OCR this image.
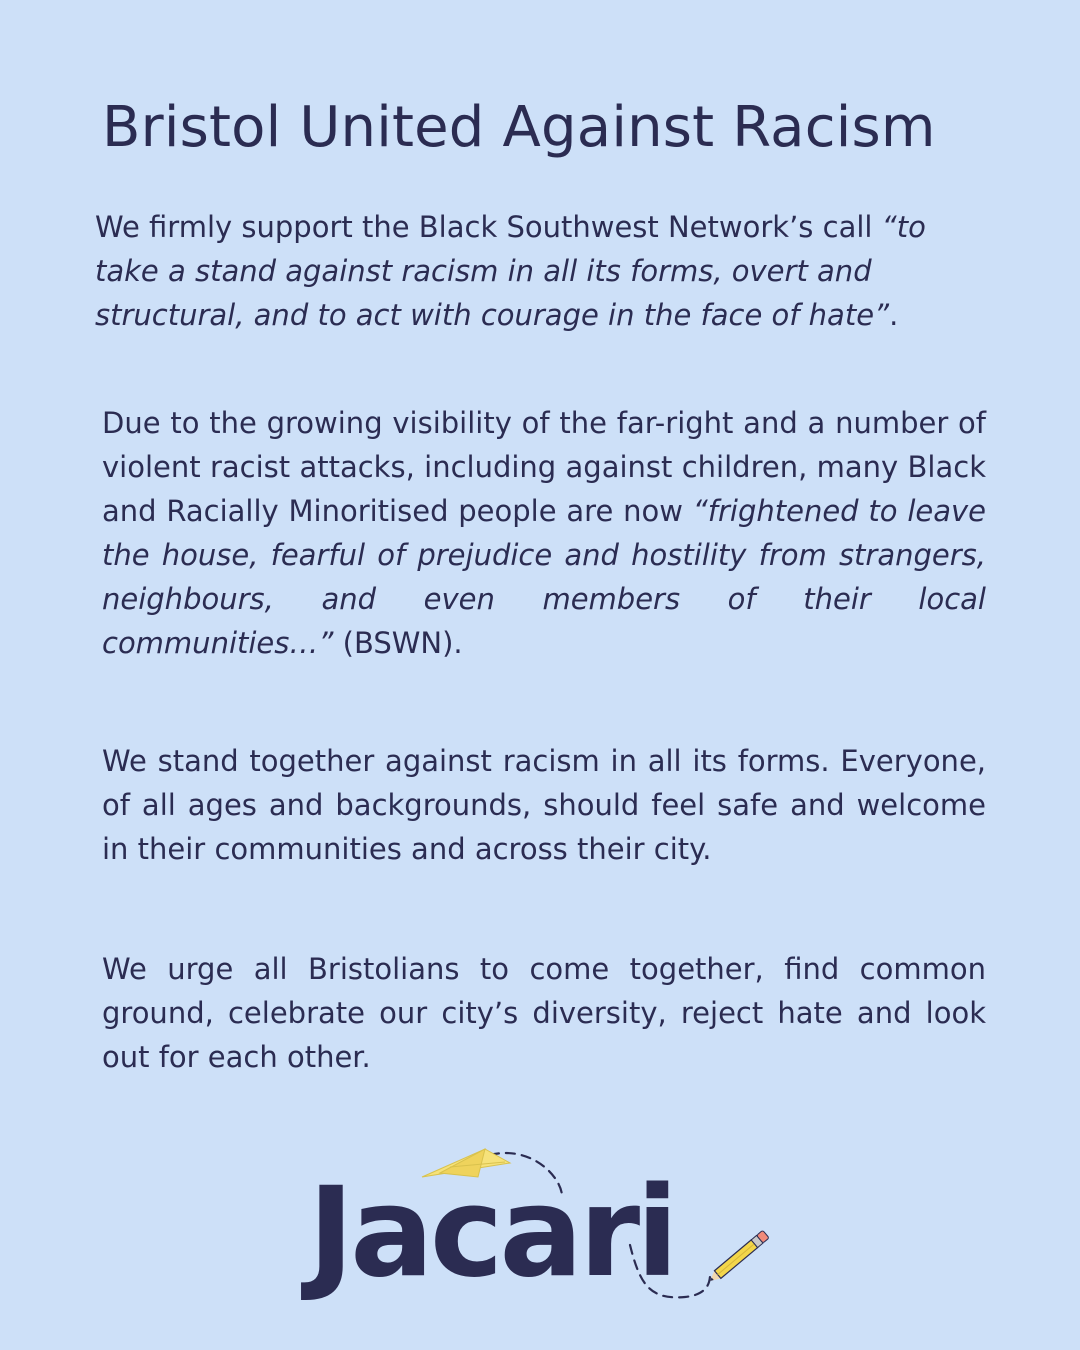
Bristol United Against Racism

We firmly support the Black Southwest Network’s call “to take a stand against racism in all its forms, overt and structural, and to act with courage in the face of hate”.

Due to the growing visibility of the far-right and a number of violent racist attacks, including against children, many Black and Racially Minoritised people are now “frightened to leave the house, fearful of prejudice and hostility from strangers, neighbours, and even members of their local communities…” (BSWN).

We stand together against racism in all its forms. Everyone, of all ages and backgrounds, should feel safe and welcome in their communities and across their city.

We urge all Bristolians to come together, find common ground, celebrate our city’s diversity, reject hate and look out for each other.

Jacari
